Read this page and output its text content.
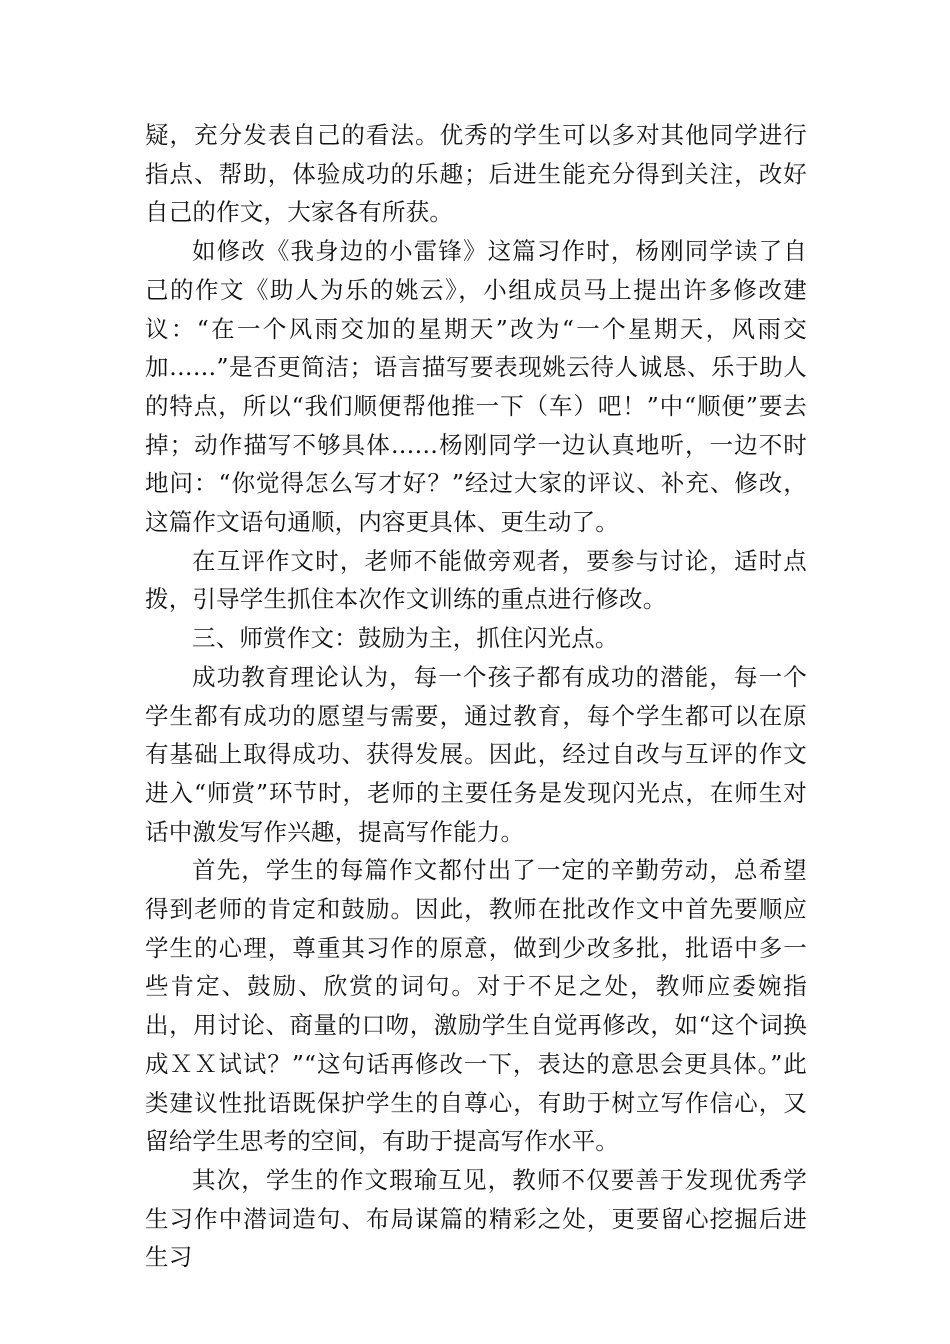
疑，充分发表自己的看法。优秀的学生可以多对其他同学进行指点、帮助，体验成功的乐趣；后进生能充分得到关注，改好自己的作文，大家各有所获。

如修改《我身边的小雷锋》这篇习作时，杨刚同学读了自己的作文《助人为乐的姚云》，小组成员马上提出许多修改建议：“在一个风雨交加的星期天”改为“一个星期天，风雨交加……”是否更简洁；语言描写要表现姚云待人诚恳、乐于助人的特点，所以“我们顺便帮他推一下（车）吧！”中“顺便”要去掉；动作描写不够具体……杨刚同学一边认真地听，一边不时地问：“你觉得怎么写才好？”经过大家的评议、补充、修改，这篇作文语句通顺，内容更具体、更生动了。

在互评作文时，老师不能做旁观者，要参与讨论，适时点拨，引导学生抓住本次作文训练的重点进行修改。

三、师赏作文：鼓励为主，抓住闪光点。

成功教育理论认为，每一个孩子都有成功的潜能，每一个学生都有成功的愿望与需要，通过教育，每个学生都可以在原有基础上取得成功、获得发展。因此，经过自改与互评的作文进入“师赏”环节时，老师的主要任务是发现闪光点，在师生对话中激发写作兴趣，提高写作能力。

首先，学生的每篇作文都付出了一定的辛勤劳动，总希望得到老师的肯定和鼓励。因此，教师在批改作文中首先要顺应学生的心理，尊重其习作的原意，做到少改多批，批语中多一些肯定、鼓励、欣赏的词句。对于不足之处，教师应委婉指出，用讨论、商量的口吻，激励学生自觉再修改，如“这个词换成ＸＸ试试？”“这句话再修改一下，表达的意思会更具体。”此类建议性批语既保护学生的自尊心，有助于树立写作信心，又留给学生思考的空间，有助于提高写作水平。

其次，学生的作文瑕瑜互见，教师不仅要善于发现优秀学生习作中潜词造句、布局谋篇的精彩之处，更要留心挖掘后进生习
